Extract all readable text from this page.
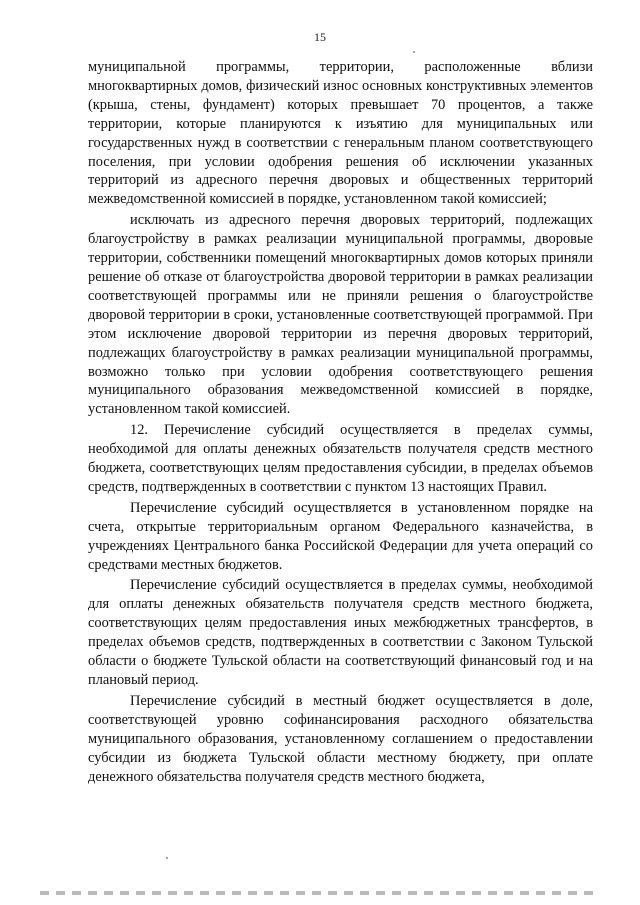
15

муниципальной программы, территории, расположенные вблизи многоквартирных домов, физический износ основных конструктивных элементов (крыша, стены, фундамент) которых превышает 70 процентов, а также территории, которые планируются к изъятию для муниципальных или государственных нужд в соответствии с генеральным планом соответствующего поселения, при условии одобрения решения об исключении указанных территорий из адресного перечня дворовых и общественных территорий межведомственной комиссией в порядке, установленном такой комиссией;

исключать из адресного перечня дворовых территорий, подлежащих благоустройству в рамках реализации муниципальной программы, дворовые территории, собственники помещений многоквартирных домов которых приняли решение об отказе от благоустройства дворовой территории в рамках реализации соответствующей программы или не приняли решения о благоустройстве дворовой территории в сроки, установленные соответствующей программой. При этом исключение дворовой территории из перечня дворовых территорий, подлежащих благоустройству в рамках реализации муниципальной программы, возможно только при условии одобрения соответствующего решения муниципального образования межведомственной комиссией в порядке, установленном такой комиссией.

12. Перечисление субсидий осуществляется в пределах суммы, необходимой для оплаты денежных обязательств получателя средств местного бюджета, соответствующих целям предоставления субсидии, в пределах объемов средств, подтвержденных в соответствии с пунктом 13 настоящих Правил.

Перечисление субсидий осуществляется в установленном порядке на счета, открытые территориальным органом Федерального казначейства, в учреждениях Центрального банка Российской Федерации для учета операций со средствами местных бюджетов.

Перечисление субсидий осуществляется в пределах суммы, необходимой для оплаты денежных обязательств получателя средств местного бюджета, соответствующих целям предоставления иных межбюджетных трансфертов, в пределах объемов средств, подтвержденных в соответствии с Законом Тульской области о бюджете Тульской области на соответствующий финансовый год и на плановый период.

Перечисление субсидий в местный бюджет осуществляется в доле, соответствующей уровню софинансирования расходного обязательства муниципального образования, установленному соглашением о предоставлении субсидии из бюджета Тульской области местному бюджету, при оплате денежного обязательства получателя средств местного бюджета,
